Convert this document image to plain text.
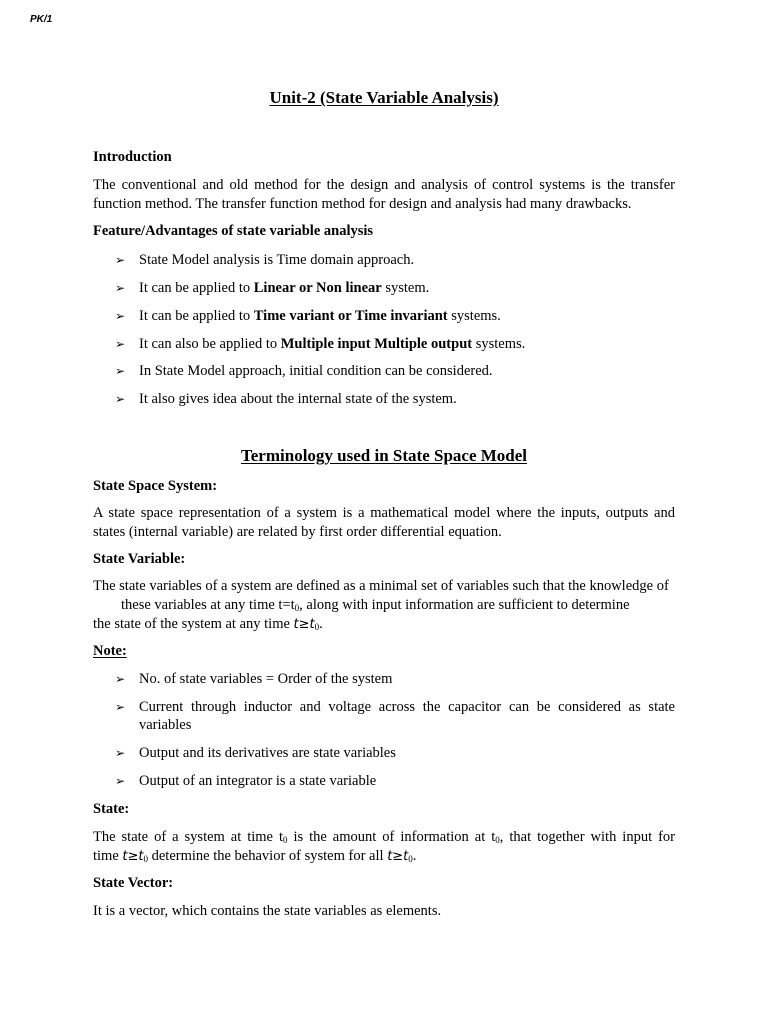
PK/1
Unit-2 (State Variable Analysis)
Introduction
The conventional and old method for the design and analysis of control systems is the transfer function method. The transfer function method for design and analysis had many drawbacks.
Feature/Advantages of state variable analysis
➢ State Model analysis is Time domain approach.
➢ It can be applied to Linear or Non linear system.
➢ It can be applied to Time variant or Time invariant systems.
➢ It can also be applied to Multiple input Multiple output systems.
➢ In State Model approach, initial condition can be considered.
➢ It also gives idea about the internal state of the system.
Terminology used in State Space Model
State Space System:
A state space representation of a system is a mathematical model where the inputs, outputs and states (internal variable) are related by first order differential equation.
State Variable:
The state variables of a system are defined as a minimal set of variables such that the knowledge of
these variables at any time $t=t_0$, along with input information are sufficient to determine
the state of the system at any time $t\ge t_0$.
Note:
➢ No. of state variables = Order of the system
➢ Current through inductor and voltage across the capacitor can be considered as state variables
➢ Output and its derivatives are state variables
➢ Output of an integrator is a state variable
State:
The state of a system at time $t_0$ is the amount of information at $t_0$, that together with input for
time $t\ge t_0$ determine the behavior of system for all $t\ge t_0$.
State Vector:
It is a vector, which contains the state variables as elements.
